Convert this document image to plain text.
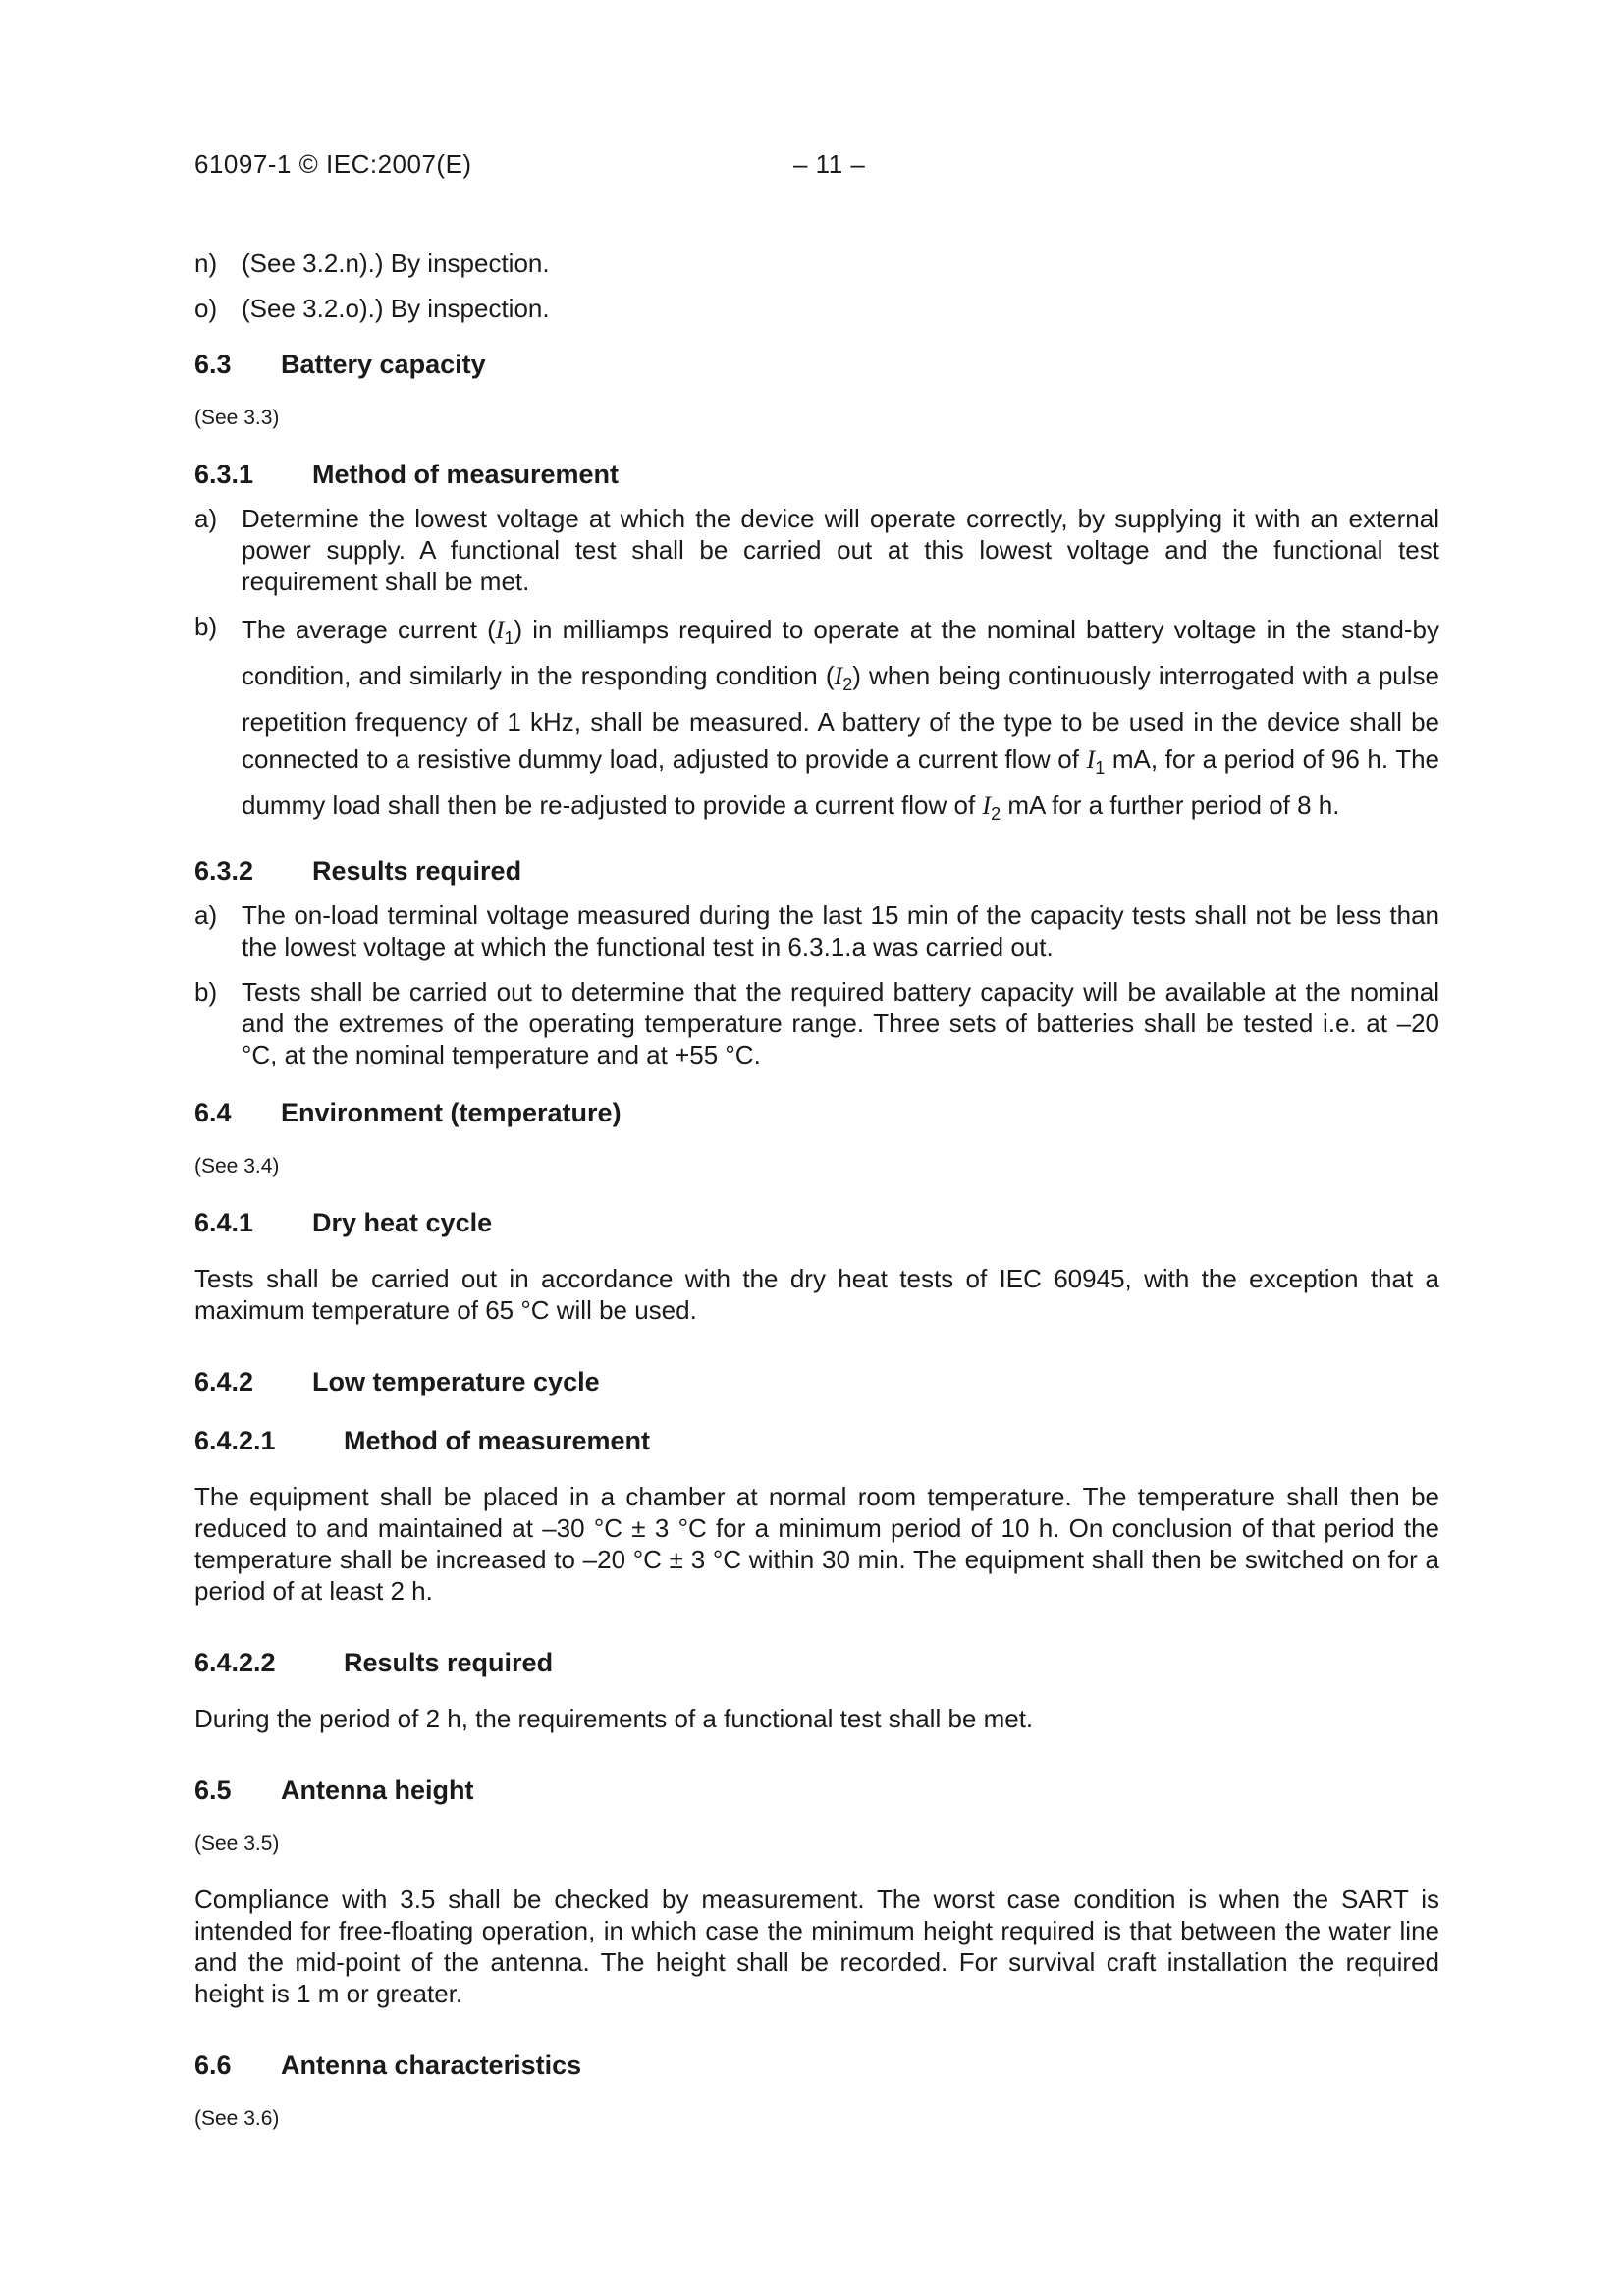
61097-1 © IEC:2007(E)	– 11 –
n) (See 3.2.n).) By inspection.
o) (See 3.2.o).) By inspection.
6.3	Battery capacity
(See 3.3)
6.3.1	Method of measurement
a) Determine the lowest voltage at which the device will operate correctly, by supplying it with an external power supply. A functional test shall be carried out at this lowest voltage and the functional test requirement shall be met.
b) The average current $(I_1)$ in milliamps required to operate at the nominal battery voltage in the stand-by condition, and similarly in the responding condition $(I_2)$ when being continuously interrogated with a pulse repetition frequency of 1 kHz, shall be measured. A battery of the type to be used in the device shall be connected to a resistive dummy load, adjusted to provide a current flow of $I_1$ mA, for a period of 96 h. The dummy load shall then be re-adjusted to provide a current flow of $I_2$ mA for a further period of 8 h.
6.3.2	Results required
a) The on-load terminal voltage measured during the last 15 min of the capacity tests shall not be less than the lowest voltage at which the functional test in 6.3.1.a was carried out.
b) Tests shall be carried out to determine that the required battery capacity will be available at the nominal and the extremes of the operating temperature range. Three sets of batteries shall be tested i.e. at –20 °C, at the nominal temperature and at +55 °C.
6.4	Environment (temperature)
(See 3.4)
6.4.1	Dry heat cycle
Tests shall be carried out in accordance with the dry heat tests of IEC 60945, with the exception that a maximum temperature of 65 °C will be used.
6.4.2	Low temperature cycle
6.4.2.1	Method of measurement
The equipment shall be placed in a chamber at normal room temperature. The temperature shall then be reduced to and maintained at –30 °C ± 3 °C for a minimum period of 10 h. On conclusion of that period the temperature shall be increased to –20 °C ± 3 °C within 30 min. The equipment shall then be switched on for a period of at least 2 h.
6.4.2.2	Results required
During the period of 2 h, the requirements of a functional test shall be met.
6.5	Antenna height
(See 3.5)
Compliance with 3.5 shall be checked by measurement. The worst case condition is when the SART is intended for free-floating operation, in which case the minimum height required is that between the water line and the mid-point of the antenna. The height shall be recorded. For survival craft installation the required height is 1 m or greater.
6.6	Antenna characteristics
(See 3.6)
